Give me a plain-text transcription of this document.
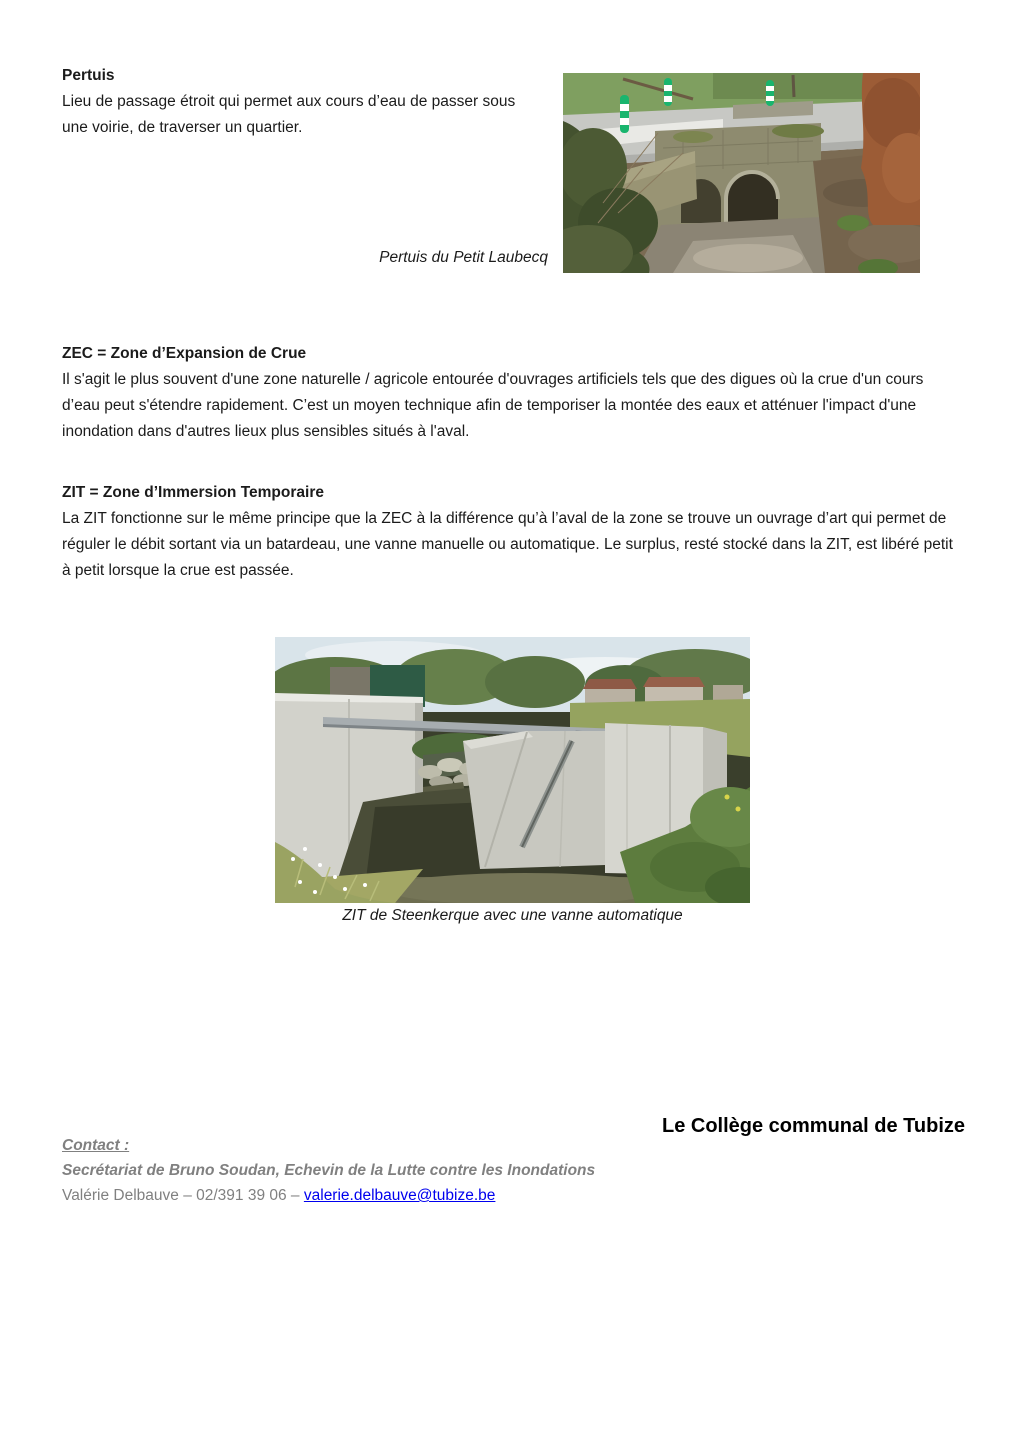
Pertuis
Lieu de passage étroit qui permet aux cours d’eau de passer sous une voirie, de traverser un quartier.
Pertuis du Petit Laubecq
ZEC = Zone d’Expansion de Crue
Il s'agit le plus souvent d'une zone naturelle / agricole entourée d'ouvrages artificiels tels que des digues où la crue d'un cours d’eau peut s'étendre rapidement. C’est un moyen technique afin de temporiser la montée des eaux et atténuer l'impact d'une inondation dans d'autres lieux plus sensibles situés à l'aval.
ZIT = Zone d’Immersion Temporaire
La ZIT fonctionne sur le même principe que la ZEC à la différence qu’à l’aval de la zone se trouve un ouvrage d’art qui permet de réguler le débit sortant via un batardeau, une vanne manuelle ou automatique. Le surplus, resté stocké dans la ZIT, est libéré petit à petit lorsque la crue est passée.
ZIT de Steenkerque avec une vanne automatique
Le Collège communal de Tubize
Contact :
Secrétariat de Bruno Soudan, Echevin de la Lutte contre les Inondations
Valérie Delbauve – 02/391 39 06 – valerie.delbauve@tubize.be
